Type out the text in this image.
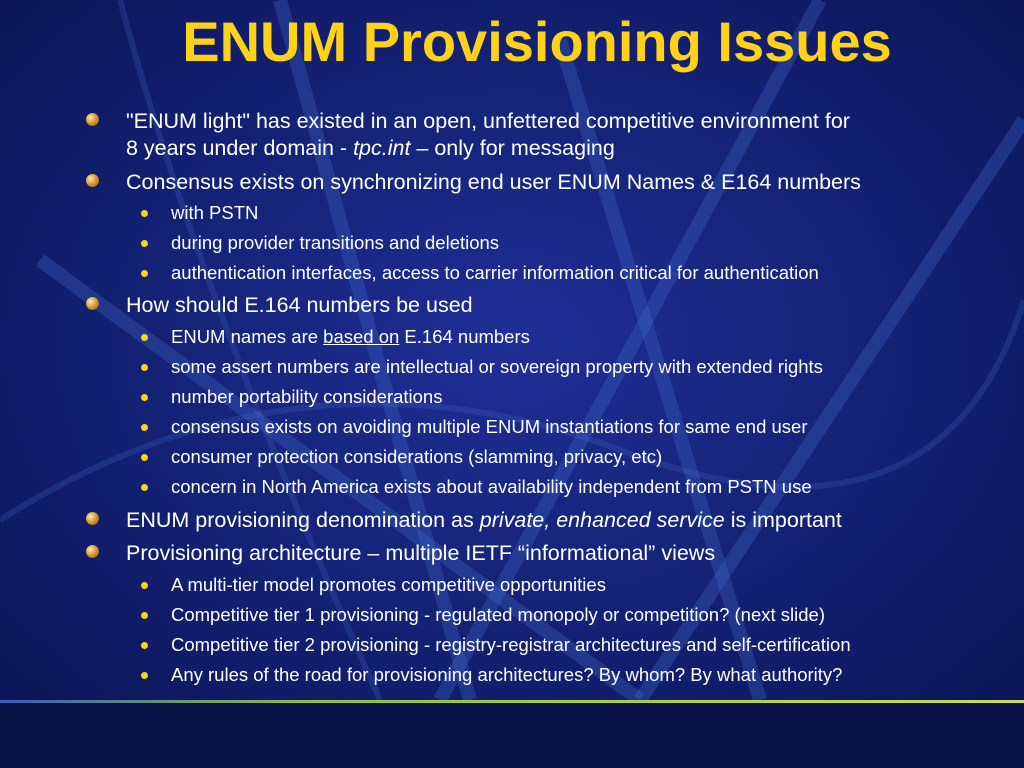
ENUM Provisioning Issues
"ENUM light" has existed in an open, unfettered competitive environment for
8 years under domain - tpc.int – only for messaging
Consensus exists on synchronizing end user ENUM Names & E164 numbers
with PSTN
during provider transitions and deletions
authentication interfaces, access to carrier information critical for authentication
How should E.164 numbers be used
ENUM names are based on E.164 numbers
some assert numbers are intellectual or sovereign property with extended rights
number portability considerations
consensus exists on avoiding multiple ENUM instantiations for same end user
consumer protection considerations (slamming, privacy, etc)
concern in North America exists about availability independent from PSTN use
ENUM provisioning denomination as private, enhanced service is important
Provisioning architecture – multiple IETF “informational” views
A multi-tier model promotes competitive opportunities
Competitive tier 1 provisioning - regulated monopoly or competition? (next slide)
Competitive tier 2 provisioning - registry-registrar architectures and self-certification
Any rules of the road for provisioning architectures? By whom? By what authority?
